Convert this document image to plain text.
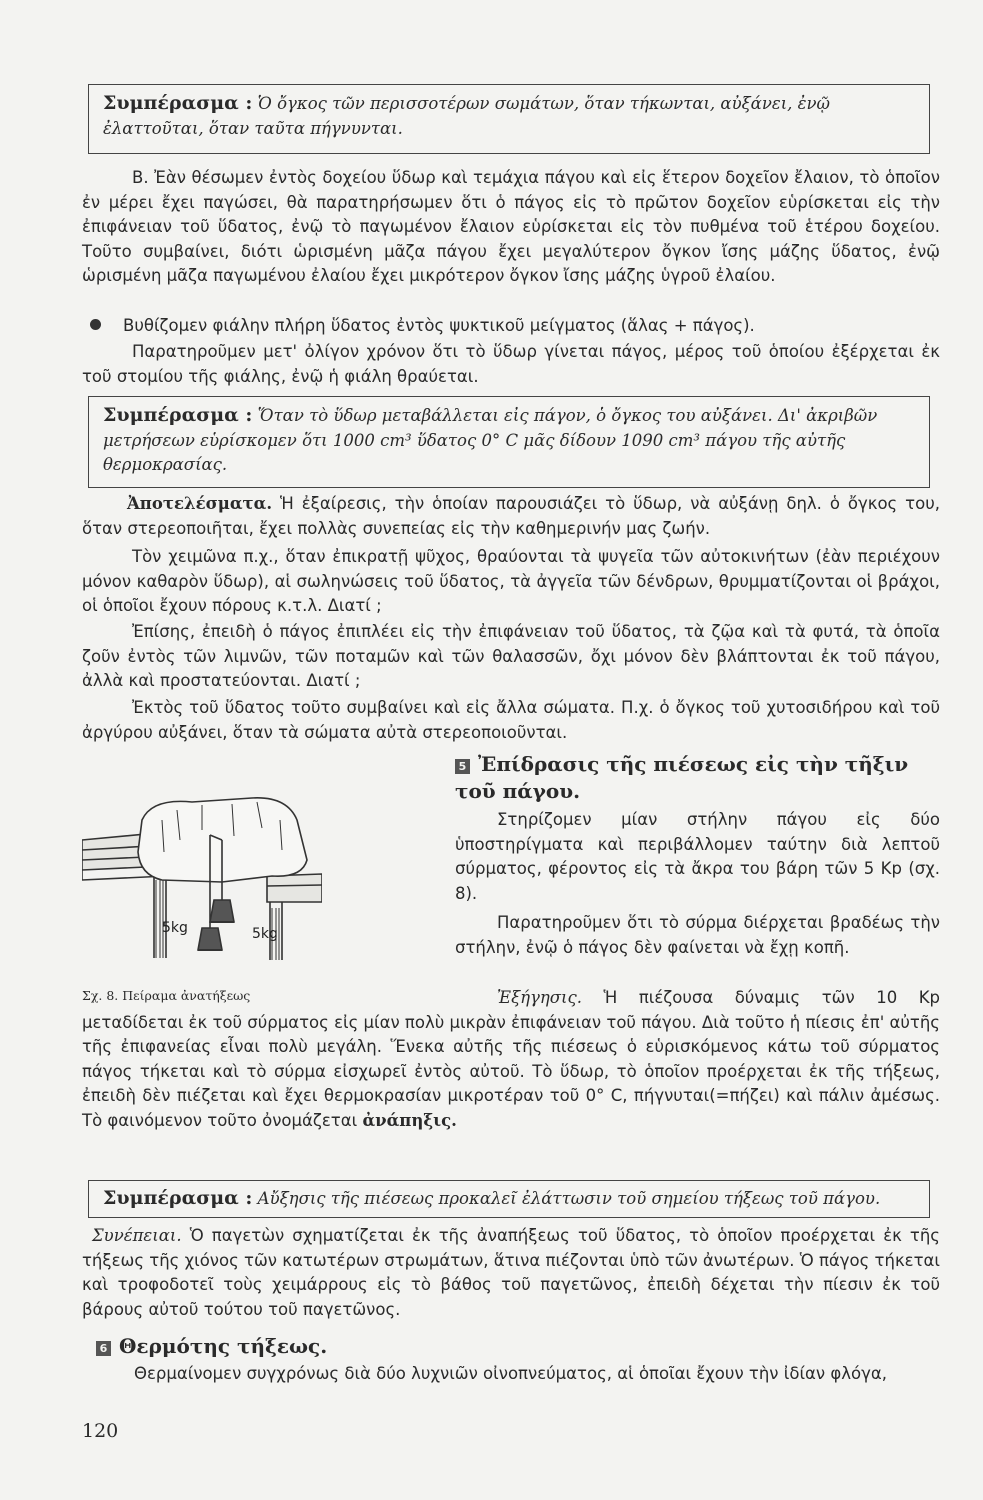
Συμπέρασμα : Ὁ ὄγκος τῶν περισσοτέρων σωμάτων, ὅταν τήκωνται, αὐξάνει, ἐνῷ ἐλαττοῦται, ὅταν ταῦτα πήγνυνται.

Β. Ἐὰν θέσωμεν ἐντὸς δοχείου ὕδωρ καὶ τεμάχια πάγου καὶ εἰς ἕτερον δοχεῖον ἔλαιον, τὸ ὁποῖον ἐν μέρει ἔχει παγώσει, θὰ παρατηρήσωμεν ὅτι ὁ πάγος εἰς τὸ πρῶτον δοχεῖον εὑρίσκεται εἰς τὴν ἐπιφάνειαν τοῦ ὕδατος, ἐνῷ τὸ παγωμένον ἔλαιον εὑρίσκεται εἰς τὸν πυθμένα τοῦ ἑτέρου δοχείου. Τοῦτο συμβαίνει, διότι ὡρισμένη μᾶζα πάγου ἔχει μεγαλύτερον ὄγκον ἴσης μάζης ὕδατος, ἐνῷ ὡρισμένη μᾶζα παγωμένου ἐλαίου ἔχει μικρότερον ὄγκον ἴσης μάζης ὑγροῦ ἐλαίου.

Βυθίζομεν φιάλην πλήρη ὕδατος ἐντὸς ψυκτικοῦ μείγματος (ἅλας + πάγος).

Παρατηροῦμεν μετ' ὀλίγον χρόνον ὅτι τὸ ὕδωρ γίνεται πάγος, μέρος τοῦ ὁποίου ἐξέρχεται ἐκ τοῦ στομίου τῆς φιάλης, ἐνῷ ἡ φιάλη θραύεται.

Συμπέρασμα : Ὅταν τὸ ὕδωρ μεταβάλλεται εἰς πάγον, ὁ ὄγκος του αὐξάνει. Δι' ἀκριβῶν μετρήσεων εὑρίσκομεν ὅτι 1000 cm³ ὕδατος 0° C μᾶς δίδουν 1090 cm³ πάγου τῆς αὐτῆς θερμοκρασίας.

Ἀποτελέσματα. Ἡ ἐξαίρεσις, τὴν ὁποίαν παρουσιάζει τὸ ὕδωρ, νὰ αὐξάνῃ δηλ. ὁ ὄγκος του, ὅταν στερεοποιῆται, ἔχει πολλὰς συνεπείας εἰς τὴν καθημερινήν μας ζωήν.

Τὸν χειμῶνα π.χ., ὅταν ἐπικρατῇ ψῦχος, θραύονται τὰ ψυγεῖα τῶν αὐτοκινήτων (ἐὰν περιέχουν μόνον καθαρὸν ὕδωρ), αἱ σωληνώσεις τοῦ ὕδατος, τὰ ἀγγεῖα τῶν δένδρων, θρυμματίζονται οἱ βράχοι, οἱ ὁποῖοι ἔχουν πόρους κ.τ.λ. Διατί ;

Ἐπίσης, ἐπειδὴ ὁ πάγος ἐπιπλέει εἰς τὴν ἐπιφάνειαν τοῦ ὕδατος, τὰ ζῷα καὶ τὰ φυτά, τὰ ὁποῖα ζοῦν ἐντὸς τῶν λιμνῶν, τῶν ποταμῶν καὶ τῶν θαλασσῶν, ὄχι μόνον δὲν βλάπτονται ἐκ τοῦ πάγου, ἀλλὰ καὶ προστατεύονται. Διατί ;

Ἐκτὸς τοῦ ὕδατος τοῦτο συμβαίνει καὶ εἰς ἄλλα σώματα. Π.χ. ὁ ὄγκος τοῦ χυτοσιδήρου καὶ τοῦ ἀργύρου αὐξάνει, ὅταν τὰ σώματα αὐτὰ στερεοποιοῦνται.

5 Ἐπίδρασις τῆς πιέσεως εἰς τὴν τῆξιν τοῦ πάγου.

Στηρίζομεν μίαν στήλην πάγου εἰς δύο ὑποστηρίγματα καὶ περιβάλλομεν ταύτην διὰ λεπτοῦ σύρματος, φέροντος εἰς τὰ ἄκρα του βάρη τῶν 5 Kp (σχ. 8).

Παρατηροῦμεν ὅτι τὸ σύρμα διέρχεται βραδέως τὴν στήλην, ἐνῷ ὁ πάγος δὲν φαίνεται νὰ ἔχῃ κοπῆ.

Ἐξήγησις. Ἡ πιέζουσα δύναμις τῶν 10 Kp μεταδίδεται ἐκ τοῦ σύρματος εἰς μίαν πολὺ μικρὰν ἐπιφάνειαν τοῦ πάγου. Διὰ τοῦτο ἡ πίεσις ἐπ' αὐτῆς τῆς ἐπιφανείας εἶναι πολὺ μεγάλη. Ἕνεκα αὐτῆς τῆς πιέσεως ὁ εὑρισκόμενος κάτω τοῦ σύρματος πάγος τήκεται καὶ τὸ σύρμα εἰσχωρεῖ ἐντὸς αὐτοῦ. Τὸ ὕδωρ, τὸ ὁποῖον προέρχεται ἐκ τῆς τήξεως, ἐπειδὴ δὲν πιέζεται καὶ ἔχει θερμοκρασίαν μικροτέραν τοῦ 0° C, πήγνυται(=πήζει) καὶ πάλιν ἀμέσως. Τὸ φαινόμενον τοῦτο ὀνομάζεται ἀνάπηξις.

5kg	5kg
Σχ. 8. Πείραμα ἀνατήξεως
Συμπέρασμα : Αὔξησις τῆς πιέσεως προκαλεῖ ἐλάττωσιν τοῦ σημείου τήξεως τοῦ πάγου.

Συνέπειαι. Ὁ παγετὼν σχηματίζεται ἐκ τῆς ἀναπήξεως τοῦ ὕδατος, τὸ ὁποῖον προέρχεται ἐκ τῆς τήξεως τῆς χιόνος τῶν κατωτέρων στρωμάτων, ἅτινα πιέζονται ὑπὸ τῶν ἀνωτέρων. Ὁ πάγος τήκεται καὶ τροφοδοτεῖ τοὺς χειμάρρους εἰς τὸ βάθος τοῦ παγετῶνος, ἐπειδὴ δέχεται τὴν πίεσιν ἐκ τοῦ βάρους αὐτοῦ τούτου τοῦ παγετῶνος.

6 Θερμότης τήξεως.

Θερμαίνομεν συγχρόνως διὰ δύο λυχνιῶν οἰνοπνεύματος, αἱ ὁποῖαι ἔχουν τὴν ἰδίαν φλόγα,

120
